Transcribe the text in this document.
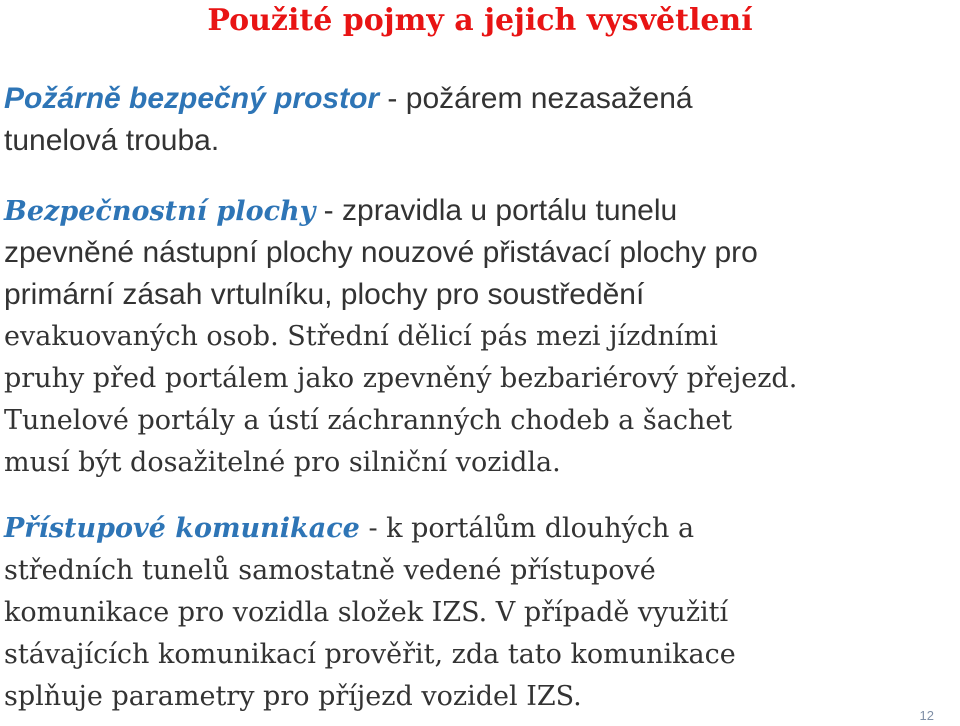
Použité pojmy a jejich vysvětlení
Požárně bezpečný prostor - požárem nezasažená
tunelová trouba.
Bezpečnostní plochy - zpravidla u portálu tunelu
zpevněné nástupní plochy nouzové přistávací plochy pro
primární zásah vrtulníku, plochy pro soustředění
evakuovaných osob. Střední dělicí pás mezi jízdními
pruhy před portálem jako zpevněný bezbariérový přejezd.
Tunelové portály a ústí záchranných chodeb a šachet
musí být dosažitelné pro silniční vozidla.
Přístupové komunikace - k portálům dlouhých a
středních tunelů samostatně vedené přístupové
komunikace pro vozidla složek IZS. V případě využití
stávajících komunikací prověřit, zda tato komunikace
splňuje parametry pro příjezd vozidel IZS.
12
